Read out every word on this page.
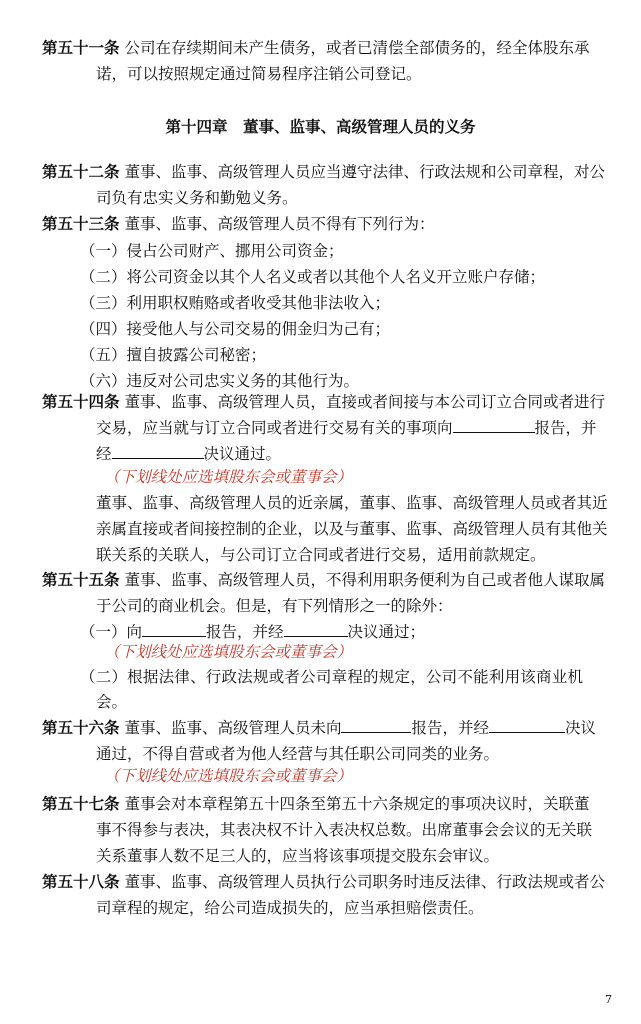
第五十一条 公司在存续期间未产生债务，或者已清偿全部债务的，经全体股东承
诺，可以按照规定通过简易程序注销公司登记。
第十四章　董事、监事、高级管理人员的义务
第五十二条 董事、监事、高级管理人员应当遵守法律、行政法规和公司章程，对公
司负有忠实义务和勤勉义务。
第五十三条 董事、监事、高级管理人员不得有下列行为：
（一）侵占公司财产、挪用公司资金；
（二）将公司资金以其个人名义或者以其他个人名义开立账户存储；
（三）利用职权贿赂或者收受其他非法收入；
（四）接受他人与公司交易的佣金归为己有；
（五）擅自披露公司秘密；
（六）违反对公司忠实义务的其他行为。
第五十四条 董事、监事、高级管理人员，直接或者间接与本公司订立合同或者进行
交易，应当就与订立合同或者进行交易有关的事项向	报告，并
经	决议通过。
（下划线处应选填股东会或董事会）
董事、监事、高级管理人员的近亲属，董事、监事、高级管理人员或者其近
亲属直接或者间接控制的企业，以及与董事、监事、高级管理人员有其他关
联关系的关联人，与公司订立合同或者进行交易，适用前款规定。
第五十五条 董事、监事、高级管理人员，不得利用职务便利为自己或者他人谋取属
于公司的商业机会。但是，有下列情形之一的除外：
（一）向	报告，并经	决议通过；
（下划线处应选填股东会或董事会）
（二）根据法律、行政法规或者公司章程的规定，公司不能利用该商业机
会。
第五十六条 董事、监事、高级管理人员未向	报告，并经	决议
通过，不得自营或者为他人经营与其任职公司同类的业务。
（下划线处应选填股东会或董事会）
第五十七条 董事会对本章程第五十四条至第五十六条规定的事项决议时，关联董
事不得参与表决，其表决权不计入表决权总数。出席董事会会议的无关联
关系董事人数不足三人的，应当将该事项提交股东会审议。
第五十八条 董事、监事、高级管理人员执行公司职务时违反法律、行政法规或者公
司章程的规定，给公司造成损失的，应当承担赔偿责任。
7
